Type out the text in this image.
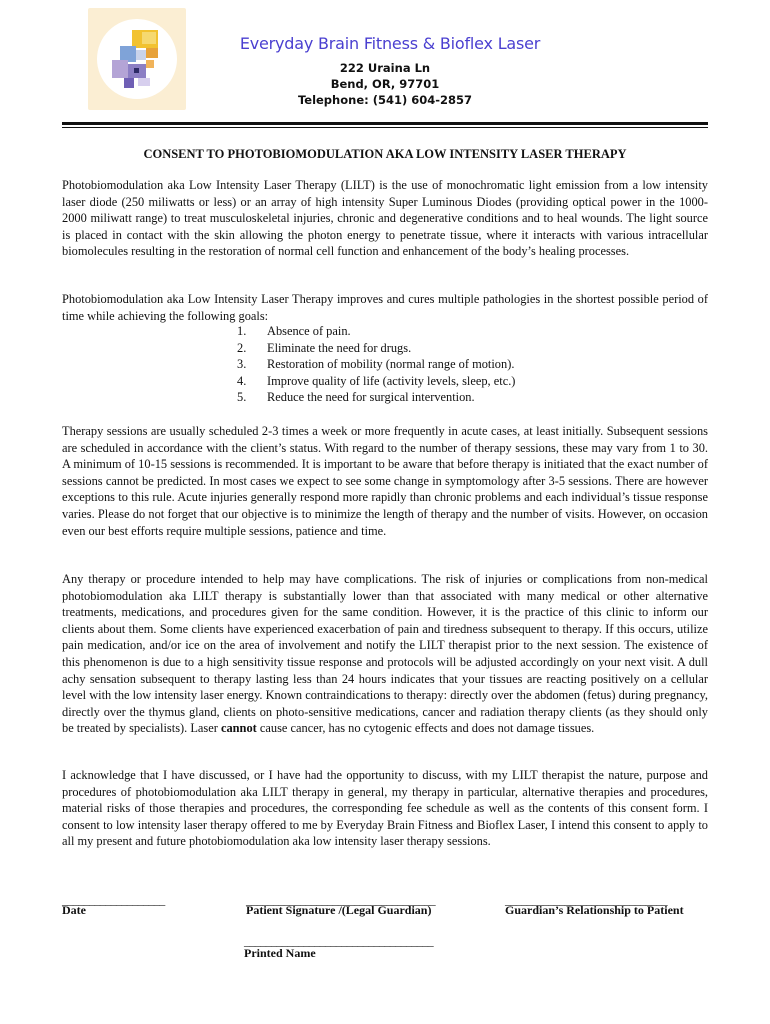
Everyday Brain Fitness & Bioflex Laser
222 Uraina Ln
Bend, OR, 97701
Telephone: (541) 604-2857
CONSENT TO PHOTOBIOMODULATION AKA LOW INTENSITY LASER THERAPY

Photobiomodulation aka Low Intensity Laser Therapy (LILT) is the use of monochromatic light emission from a low intensity laser diode (250 miliwatts or less) or an array of high intensity Super Luminous Diodes (providing optical power in the 1000-2000 miliwatt range) to treat musculoskeletal injuries, chronic and degenerative conditions and to heal wounds. The light source is placed in contact with the skin allowing the photon energy to penetrate tissue, where it interacts with various intracellular biomolecules resulting in the restoration of normal cell function and enhancement of the body’s healing processes.

Photobiomodulation aka Low Intensity Laser Therapy improves and cures multiple pathologies in the shortest possible period of time while achieving the following goals:

1. Absence of pain.
2. Eliminate the need for drugs.
3. Restoration of mobility (normal range of motion).
4. Improve quality of life (activity levels, sleep, etc.)
5. Reduce the need for surgical intervention.

Therapy sessions are usually scheduled 2-3 times a week or more frequently in acute cases, at least initially. Subsequent sessions are scheduled in accordance with the client’s status. With regard to the number of therapy sessions, these may vary from 1 to 30. A minimum of 10-15 sessions is recommended. It is important to be aware that before therapy is initiated that the exact number of sessions cannot be predicted. In most cases we expect to see some change in symptomology after 3-5 sessions. There are however exceptions to this rule. Acute injuries generally respond more rapidly than chronic problems and each individual’s tissue response varies. Please do not forget that our objective is to minimize the length of therapy and the number of visits. However, on occasion even our best efforts require multiple sessions, patience and time.

Any therapy or procedure intended to help may have complications. The risk of injuries or complications from non-medical photobiomodulation aka LILT therapy is substantially lower than that associated with many medical or other alternative treatments, medications, and procedures given for the same condition. However, it is the practice of this clinic to inform our clients about them. Some clients have experienced exacerbation of pain and tiredness subsequent to therapy. If this occurs, utilize pain medication, and/or ice on the area of involvement and notify the LILT therapist prior to the next session. The existence of this phenomenon is due to a high sensitivity tissue response and protocols will be adjusted accordingly on your next visit. A dull achy sensation subsequent to therapy lasting less than 24 hours indicates that your tissues are reacting positively on a cellular level with the low intensity laser energy. Known contraindications to therapy: directly over the abdomen (fetus) during pregnancy, directly over the thymus gland, clients on photo-sensitive medications, cancer and radiation therapy clients (as they should only be treated by specialists). Laser cannot cause cancer, has no cytogenic effects and does not damage tissues.

I acknowledge that I have discussed, or I have had the opportunity to discuss, with my LILT therapist the nature, purpose and procedures of photobiomodulation aka LILT therapy in general, my therapy in particular, alternative therapies and procedures, material risks of those therapies and procedures, the corresponding fee schedule as well as the contents of this consent form. I consent to low intensity laser therapy offered to me by Everyday Brain Fitness and Bioflex Laser, I intend this consent to apply to all my present and future photobiomodulation aka low intensity laser therapy sessions.

___________________
Date
___________________________________
Patient Signature /(Legal Guardian)
______________________________
Guardian’s Relationship to Patient
___________________________________
Printed Name
